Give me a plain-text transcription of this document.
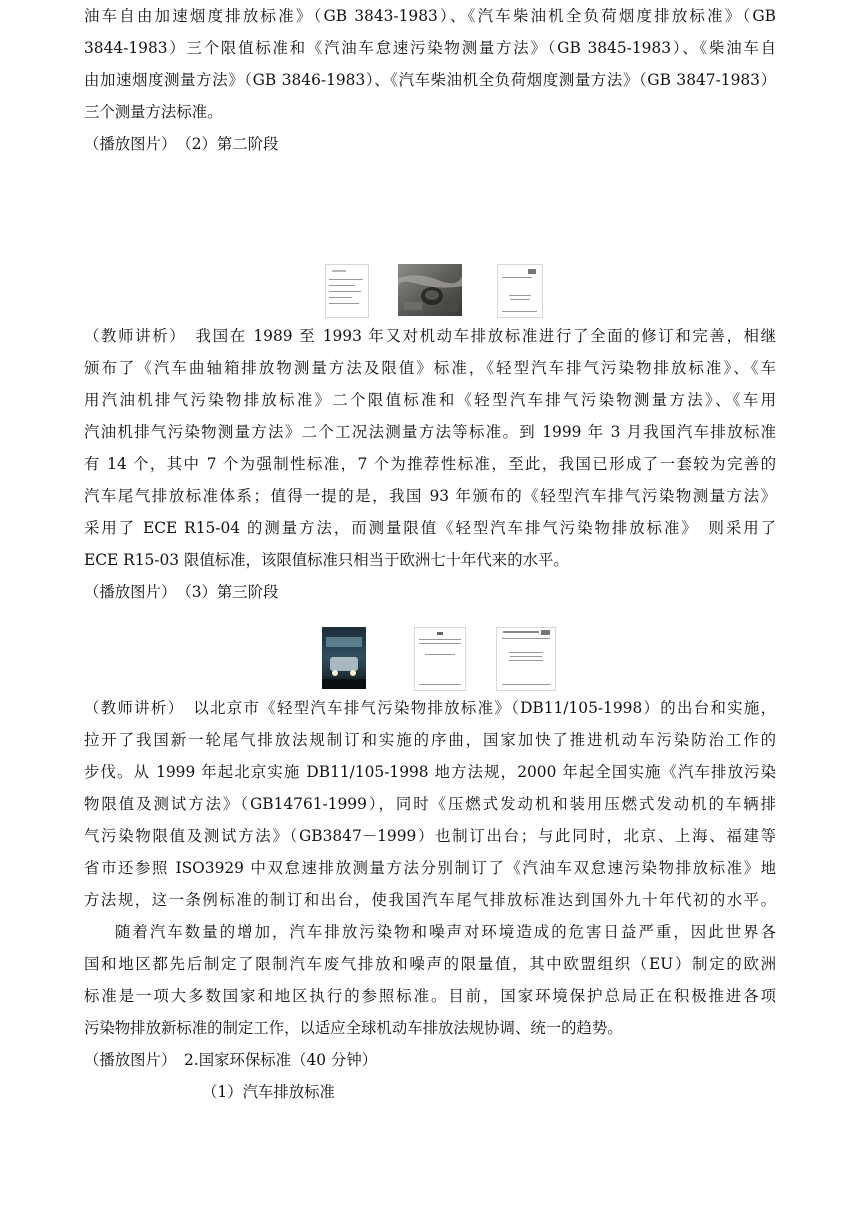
油车自由加速烟度排放标准》（GB 3843-1983）、《汽车柴油机全负荷烟度排放标准》（GB
3844-1983）三个限值标准和《汽油车怠速污染物测量方法》（GB 3845-1983）、《柴油车自
由加速烟度测量方法》（GB 3846-1983）、《汽车柴油机全负荷烟度测量方法》（GB 3847-1983）
三个测量方法标准。
（播放图片）　（2）第二阶段
（教师讲析）　我国在 1989 至 1993 年又对机动车排放标准进行了全面的修订和完善，相继
颁布了《汽车曲轴箱排放物测量方法及限值》标准，《轻型汽车排气污染物排放标准》、《车
用汽油机排气污染物排放标准》二个限值标准和《轻型汽车排气污染物测量方法》、《车用
汽油机排气污染物测量方法》二个工况法测量方法等标准。到 1999 年 3 月我国汽车排放标准
有 14 个，其中 7 个为强制性标准，7 个为推荐性标准，至此，我国已形成了一套较为完善的
汽车尾气排放标准体系；值得一提的是，我国 93 年颁布的《轻型汽车排气污染物测量方法》
采用了 ECE R15-04 的测量方法，而测量限值《轻型汽车排气污染物排放标准》　则采用了
ECE R15-03 限值标准，该限值标准只相当于欧洲七十年代来的水平。
（播放图片）　（3）第三阶段
（教师讲析）　以北京市《轻型汽车排气污染物排放标准》（DB11/105-1998）的出台和实施，
拉开了我国新一轮尾气排放法规制订和实施的序曲，国家加快了推进机动车污染防治工作的
步伐。从 1999 年起北京实施 DB11/105-1998 地方法规，2000 年起全国实施《汽车排放污染
物限值及测试方法》（GB14761-1999），同时《压燃式发动机和装用压燃式发动机的车辆排
气污染物限值及测试方法》（GB3847－1999）也制订出台；与此同时，北京、上海、福建等
省市还参照 ISO3929 中双怠速排放测量方法分别制订了《汽油车双怠速污染物排放标准》地
方法规，这一条例标准的制订和出台，使我国汽车尾气排放标准达到国外九十年代初的水平。
随着汽车数量的增加，汽车排放污染物和噪声对环境造成的危害日益严重，因此世界各
国和地区都先后制定了限制汽车废气排放和噪声的限量值，其中欧盟组织（EU）制定的欧洲
标准是一项大多数国家和地区执行的参照标准。目前，国家环境保护总局正在积极推进各项
污染物排放新标准的制定工作，以适应全球机动车排放法规协调、统一的趋势。
（播放图片）　2.国家环保标准（40 分钟）
（1）汽车排放标准
